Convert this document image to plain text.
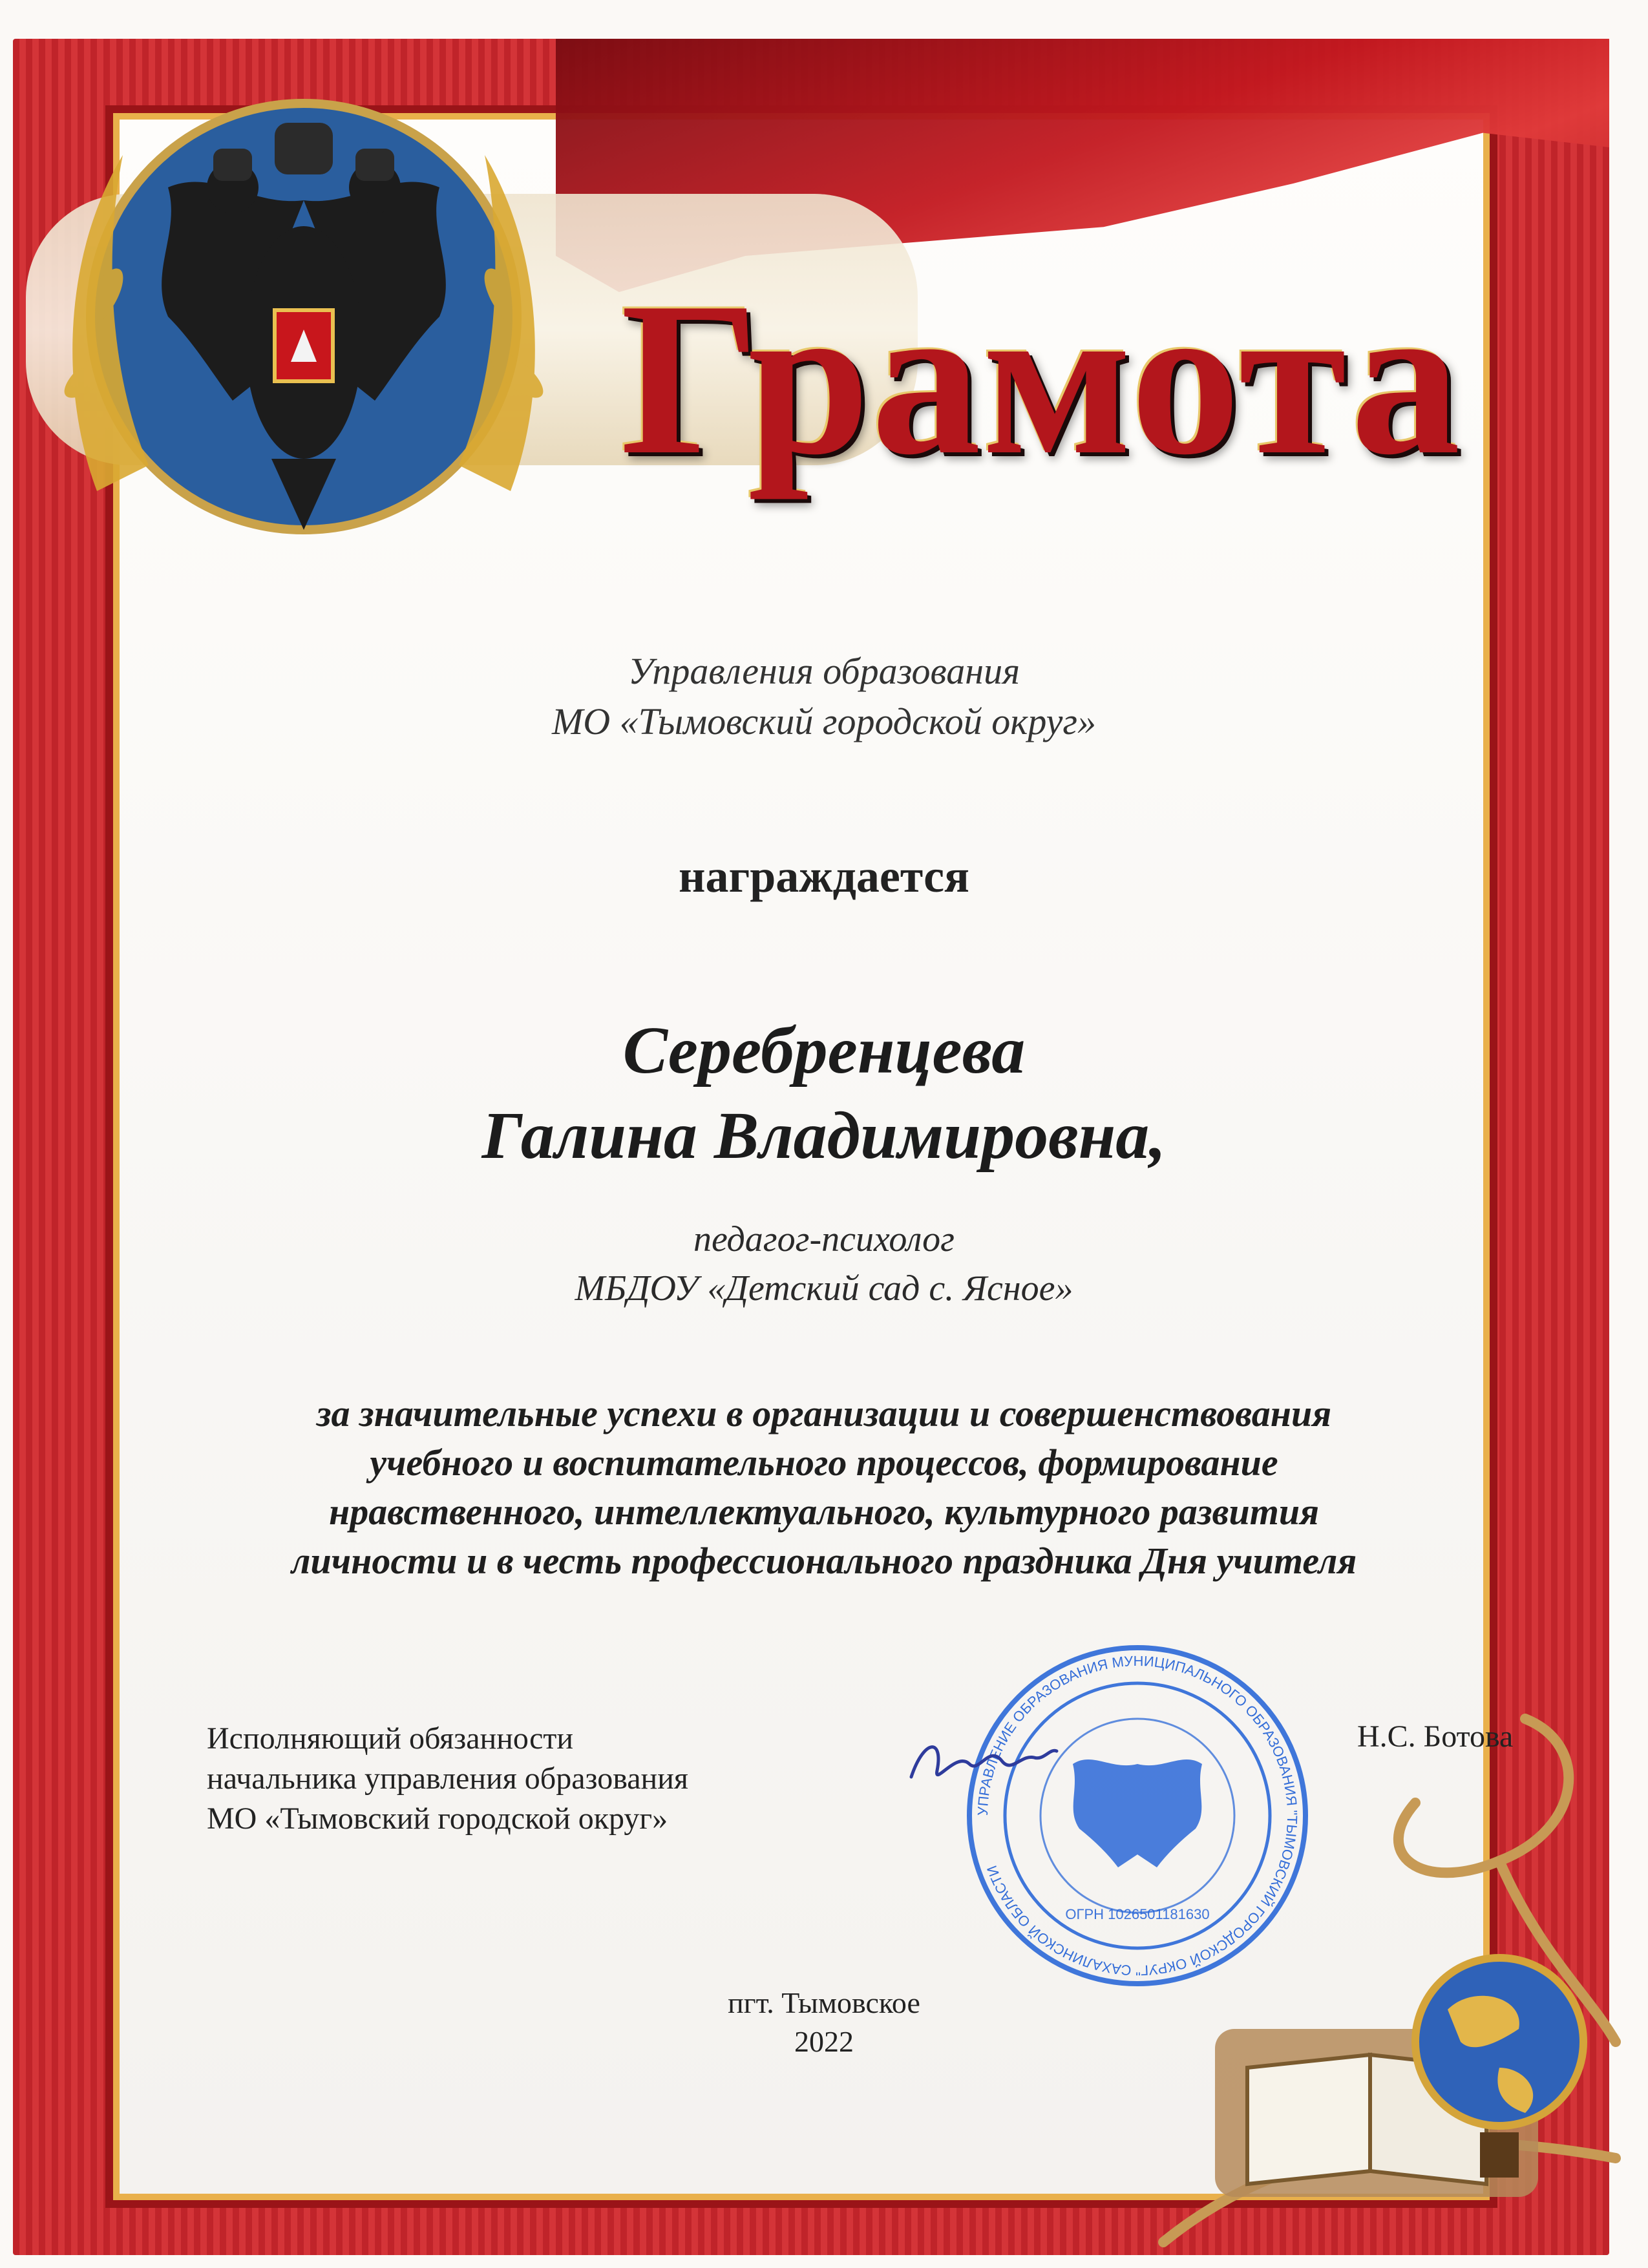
Грамота
Управления образования
МО «Тымовский городской округ»
награждается
Серебренцева
Галина Владимировна,
педагог-психолог
МБДОУ «Детский сад с. Ясное»
за значительные успехи в организации и совершенствования
учебного и воспитательного процессов, формирование
нравственного, интеллектуального, культурного развития
личности и в честь профессионального праздника Дня учителя
Исполняющий обязанности
начальника управления образования
МО «Тымовский городской округ»
Н.С. Ботова
УПРАВЛЕНИЕ ОБРАЗОВАНИЯ МУНИЦИПАЛЬНОГО ОБРАЗОВАНИЯ "ТЫМОВСКИЙ ГОРОДСКОЙ ОКРУГ" САХАЛИНСКОЙ ОБЛАСТИ
ОГРН 1026501181630
пгт. Тымовское
2022
